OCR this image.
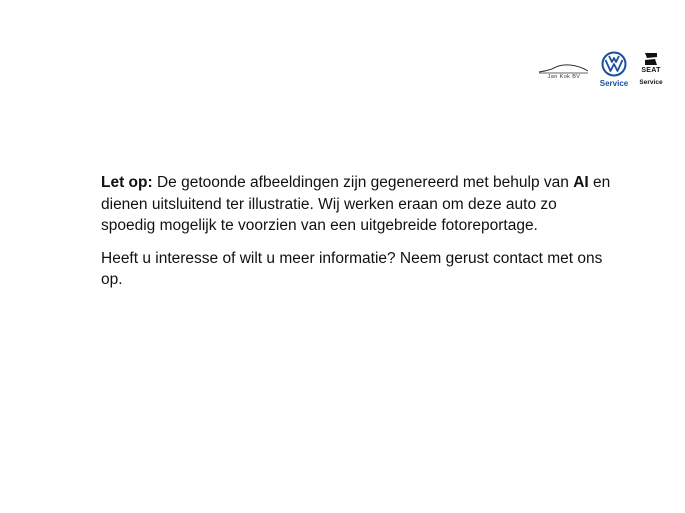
Jan Kok BV
Service
SEAT
Service

Let op: De getoonde afbeeldingen zijn gegenereerd met behulp van AI en dienen uitsluitend ter illustratie. Wij werken eraan om deze auto zo spoedig mogelijk te voorzien van een uitgebreide fotoreportage.

Heeft u interesse of wilt u meer informatie? Neem gerust contact met ons op.
